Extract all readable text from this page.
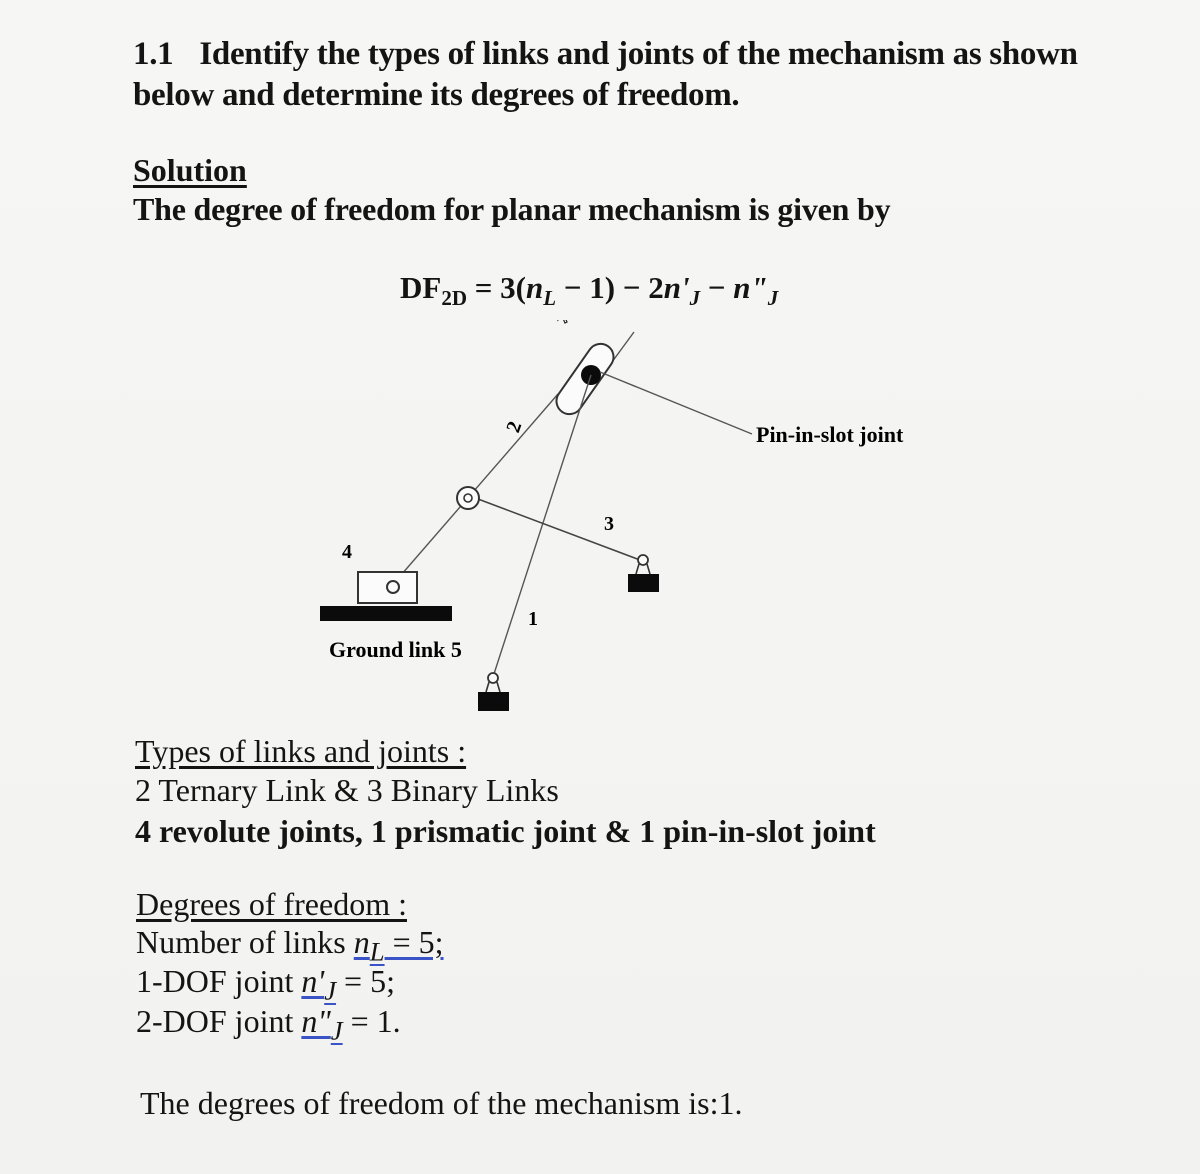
1.1 Identify the types of links and joints of the mechanism as shown
below and determine its degrees of freedom.
Solution
The degree of freedom for planar mechanism is given by
$DF_{2D} = 3(n_L - 1) - 2n'_J$ − $n"_J$
2
3
1
4
Pin-in-slot joint
Ground link 5
Types of links and joints :
2 Ternary Link & 3 Binary Links
4 revolute joints, 1 prismatic joint & 1 pin-in-slot joint
Degrees of freedom :
Number of links $n_L = 5$;
1-DOF joint $n'_J = 5$;
2-DOF joint $n"_J = 1$.
The degrees of freedom of the mechanism is:1.
